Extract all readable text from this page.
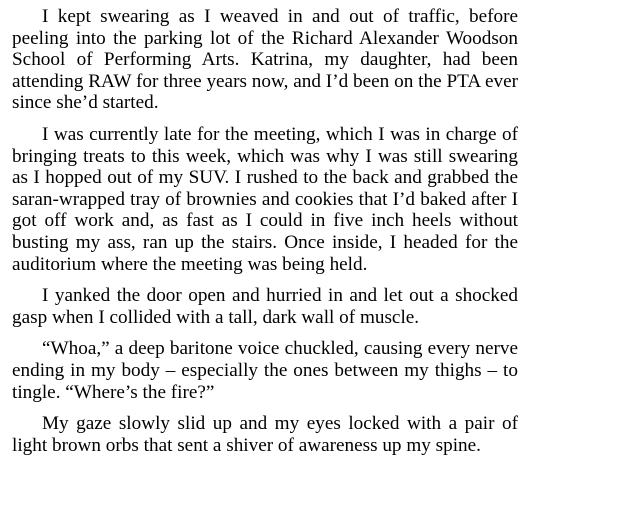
I kept swearing as I weaved in and out of traffic, before peeling into the parking lot of the Richard Alexander Woodson School of Performing Arts. Katrina, my daughter, had been attending RAW for three years now, and I’d been on the PTA ever since she’d started.

I was currently late for the meeting, which I was in charge of bringing treats to this week, which was why I was still swearing as I hopped out of my SUV. I rushed to the back and grabbed the saran-wrapped tray of brownies and cookies that I’d baked after I got off work and, as fast as I could in five inch heels without busting my ass, ran up the stairs. Once inside, I headed for the auditorium where the meeting was being held.

I yanked the door open and hurried in and let out a shocked gasp when I collided with a tall, dark wall of muscle.

“Whoa,” a deep baritone voice chuckled, causing every nerve ending in my body – especially the ones between my thighs – to tingle. “Where’s the fire?”

My gaze slowly slid up and my eyes locked with a pair of light brown orbs that sent a shiver of awareness up my spine.
